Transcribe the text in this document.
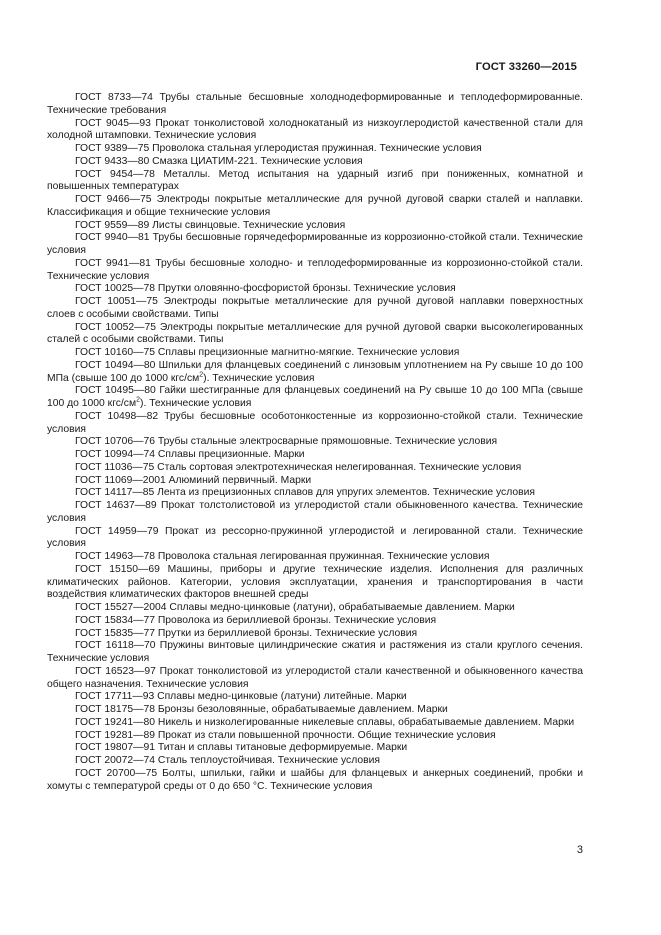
ГОСТ 33260—2015

ГОСТ 8733—74 Трубы стальные бесшовные холоднодеформированные и теплодеформированные. Технические требования

ГОСТ 9045—93 Прокат тонколистовой холоднокатаный из низкоуглеродистой качественной стали для холодной штамповки. Технические условия

ГОСТ 9389—75 Проволока стальная углеродистая пружинная. Технические условия

ГОСТ 9433—80 Смазка ЦИАТИМ-221. Технические условия

ГОСТ 9454—78 Металлы. Метод испытания на ударный изгиб при пониженных, комнатной и повышенных температурах

ГОСТ 9466—75 Электроды покрытые металлические для ручной дуговой сварки сталей и наплавки. Классификация и общие технические условия

ГОСТ 9559—89 Листы свинцовые. Технические условия

ГОСТ 9940—81 Трубы бесшовные горячедеформированные из коррозионно-стойкой стали. Технические условия

ГОСТ 9941—81 Трубы бесшовные холодно- и теплодеформированные из коррозионно-стойкой стали. Технические условия

ГОСТ 10025—78 Прутки оловянно-фосфористой бронзы. Технические условия

ГОСТ 10051—75 Электроды покрытые металлические для ручной дуговой наплавки поверхностных слоев с особыми свойствами. Типы

ГОСТ 10052—75 Электроды покрытые металлические для ручной дуговой сварки высоколегированных сталей с особыми свойствами. Типы

ГОСТ 10160—75 Сплавы прецизионные магнитно-мягкие. Технические условия

ГОСТ 10494—80 Шпильки для фланцевых соединений с линзовым уплотнением на Ру свыше 10 до 100 МПа (свыше 100 до 1000 кгс/$см^2$). Технические условия

ГОСТ 10495—80 Гайки шестигранные для фланцевых соединений на Ру свыше 10 до 100 МПа (свыше 100 до 1000 кгс/$см^2$). Технические условия

ГОСТ 10498—82 Трубы бесшовные особотонкостенные из коррозионно-стойкой стали. Технические условия

ГОСТ 10706—76 Трубы стальные электросварные прямошовные. Технические условия

ГОСТ 10994—74 Сплавы прецизионные. Марки

ГОСТ 11036—75 Сталь сортовая электротехническая нелегированная. Технические условия

ГОСТ 11069—2001 Алюминий первичный. Марки

ГОСТ 14117—85 Лента из прецизионных сплавов для упругих элементов. Технические условия

ГОСТ 14637—89 Прокат толстолистовой из углеродистой стали обыкновенного качества. Технические условия

ГОСТ 14959—79 Прокат из рессорно-пружинной углеродистой и легированной стали. Технические условия

ГОСТ 14963—78 Проволока стальная легированная пружинная. Технические условия

ГОСТ 15150—69 Машины, приборы и другие технические изделия. Исполнения для различных климатических районов. Категории, условия эксплуатации, хранения и транспортирования в части воздействия климатических факторов внешней среды

ГОСТ 15527—2004 Сплавы медно-цинковые (латуни), обрабатываемые давлением. Марки

ГОСТ 15834—77 Проволока из бериллиевой бронзы. Технические условия

ГОСТ 15835—77 Прутки из бериллиевой бронзы. Технические условия

ГОСТ 16118—70 Пружины винтовые цилиндрические сжатия и растяжения из стали круглого сечения. Технические условия

ГОСТ 16523—97 Прокат тонколистовой из углеродистой стали качественной и обыкновенного качества общего назначения. Технические условия

ГОСТ 17711—93 Сплавы медно-цинковые (латуни) литейные. Марки

ГОСТ 18175—78 Бронзы безоловянные, обрабатываемые давлением. Марки

ГОСТ 19241—80 Никель и низколегированные никелевые сплавы, обрабатываемые давлением. Марки

ГОСТ 19281—89 Прокат из стали повышенной прочности. Общие технические условия

ГОСТ 19807—91 Титан и сплавы титановые деформируемые. Марки

ГОСТ 20072—74 Сталь теплоустойчивая. Технические условия

ГОСТ 20700—75 Болты, шпильки, гайки и шайбы для фланцевых и анкерных соединений, пробки и хомуты с температурой среды от 0 до 650 °С. Технические условия

3
